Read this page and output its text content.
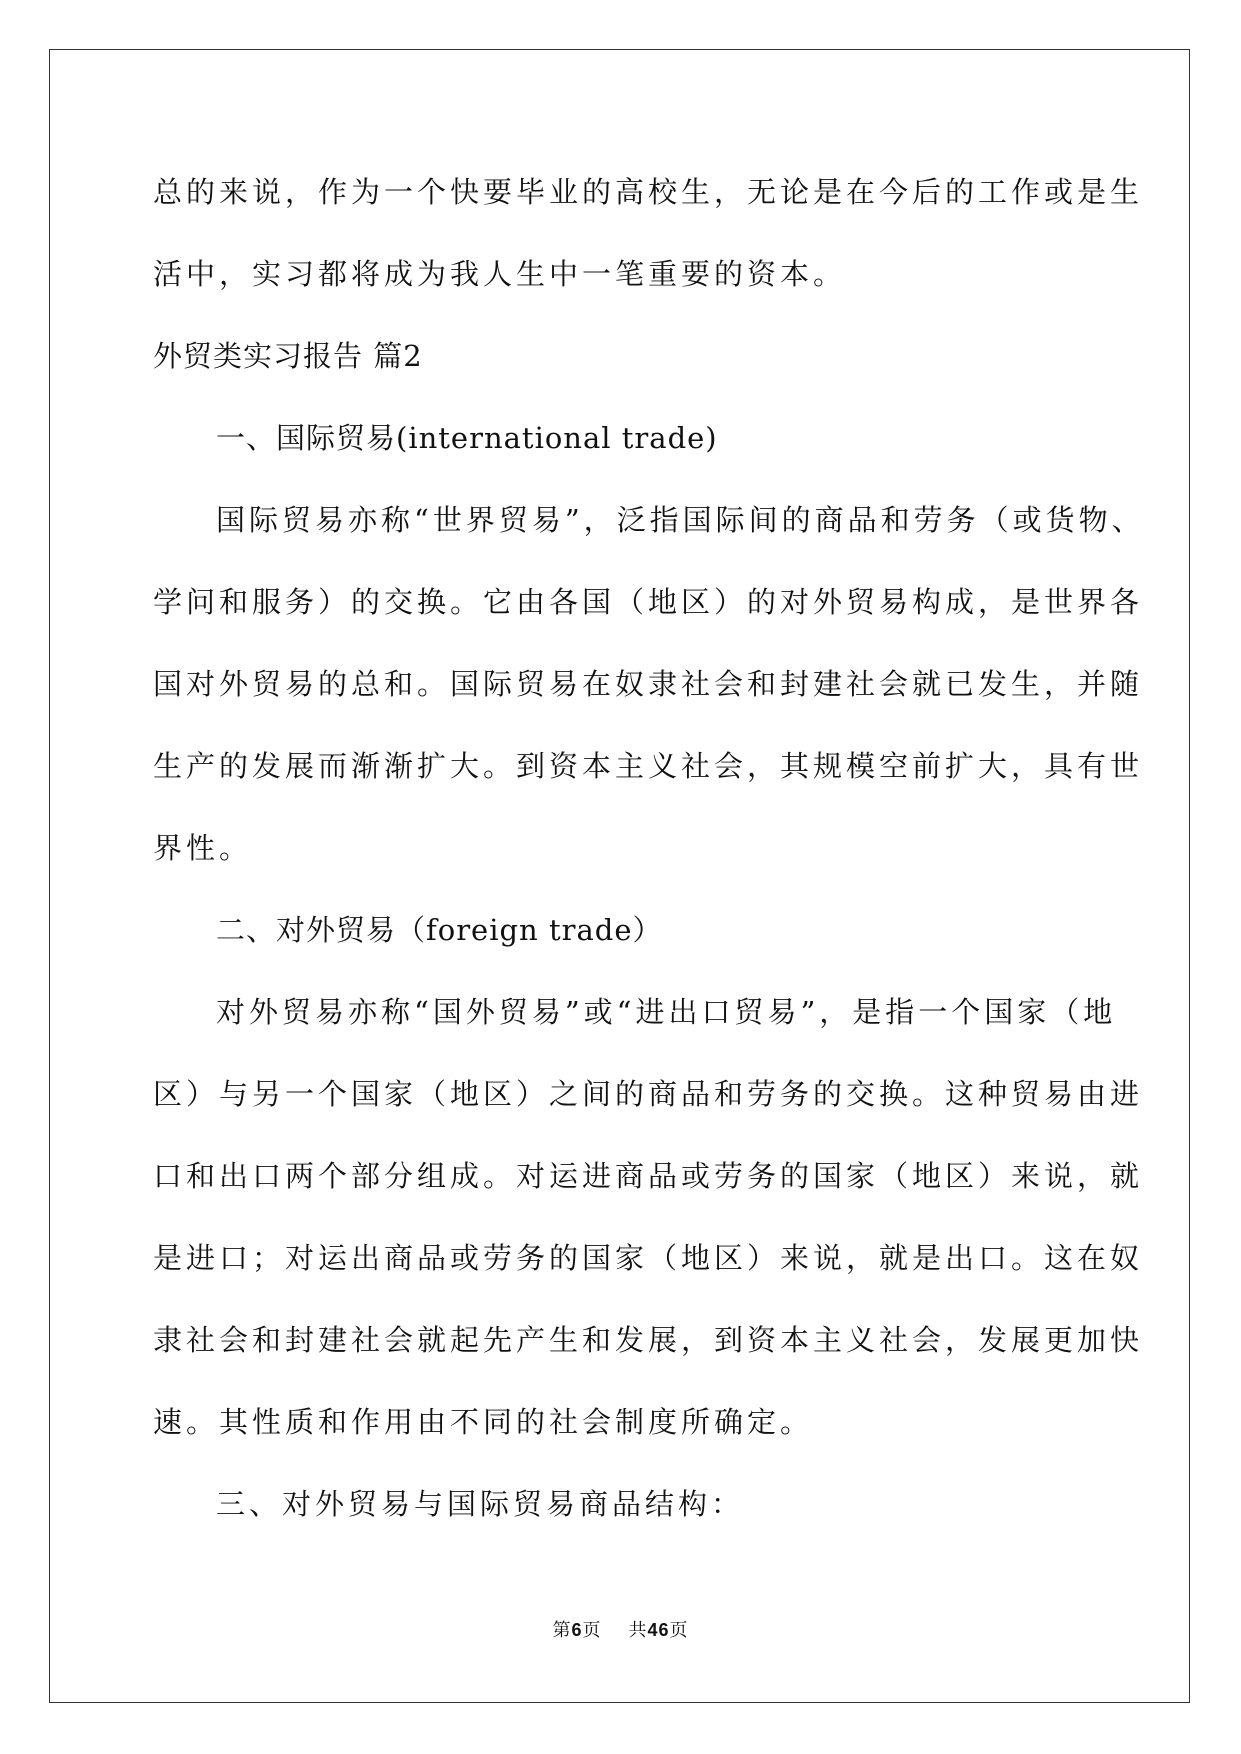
总的来说，作为一个快要毕业的高校生，无论是在今后的工作或是生
活中，实习都将成为我人生中一笔重要的资本。
外贸类实习报告 篇2
一、国际贸易(international trade)
国际贸易亦称“世界贸易”，泛指国际间的商品和劳务（或货物、
学问和服务）的交换。它由各国（地区）的对外贸易构成，是世界各
国对外贸易的总和。国际贸易在奴隶社会和封建社会就已发生，并随
生产的发展而渐渐扩大。到资本主义社会，其规模空前扩大，具有世
界性。
二、对外贸易（foreign trade）
对外贸易亦称“国外贸易”或“进出口贸易”，是指一个国家（地
区）与另一个国家（地区）之间的商品和劳务的交换。这种贸易由进
口和出口两个部分组成。对运进商品或劳务的国家（地区）来说，就
是进口；对运出商品或劳务的国家（地区）来说，就是出口。这在奴
隶社会和封建社会就起先产生和发展，到资本主义社会，发展更加快
速。其性质和作用由不同的社会制度所确定。
三、对外贸易与国际贸易商品结构：
第6页 共46页
